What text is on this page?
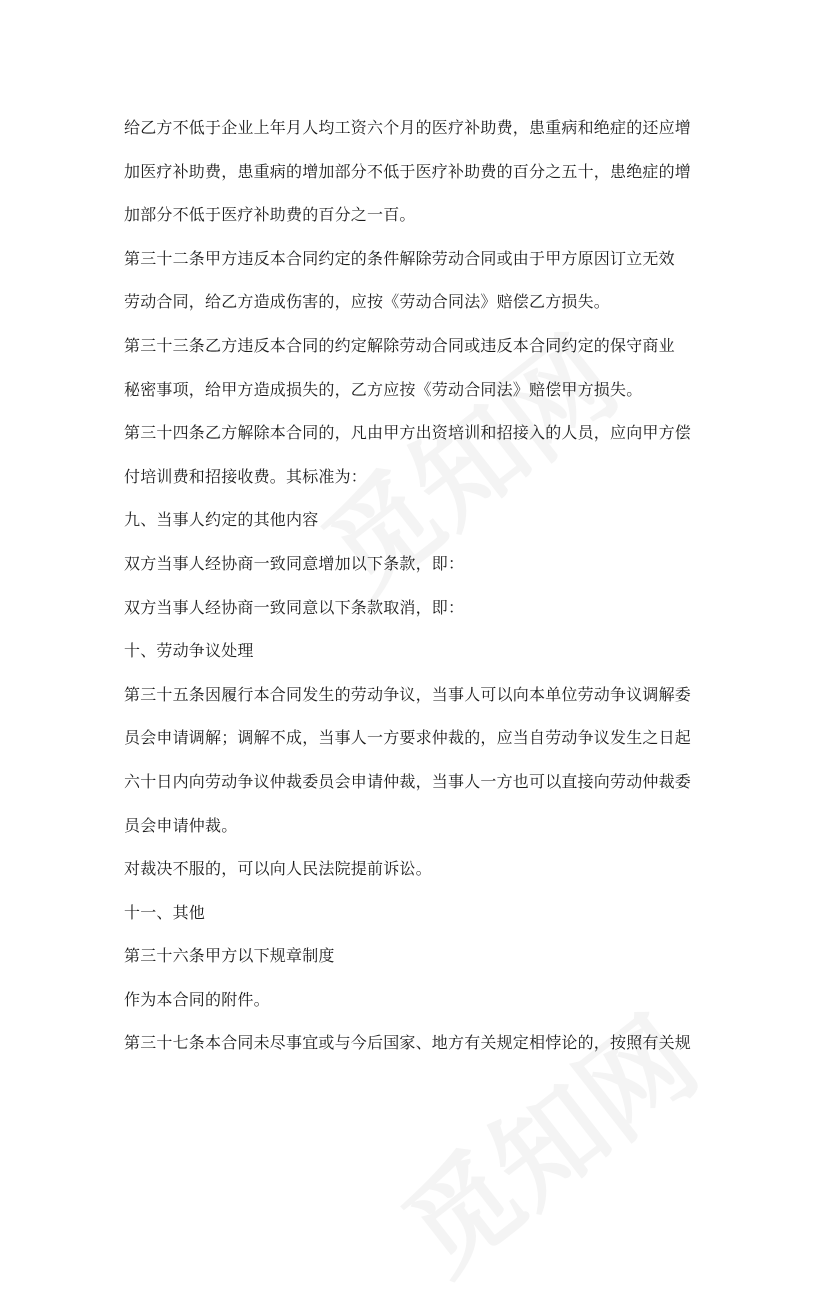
给乙方不低于企业上年月人均工资六个月的医疗补助费，患重病和绝症的还应增
加医疗补助费，患重病的增加部分不低于医疗补助费的百分之五十，患绝症的增
加部分不低于医疗补助费的百分之一百。
第三十二条甲方违反本合同约定的条件解除劳动合同或由于甲方原因订立无效
劳动合同，给乙方造成伤害的，应按《劳动合同法》赔偿乙方损失。
第三十三条乙方违反本合同的约定解除劳动合同或违反本合同约定的保守商业
秘密事项，给甲方造成损失的，乙方应按《劳动合同法》赔偿甲方损失。
第三十四条乙方解除本合同的，凡由甲方出资培训和招接入的人员，应向甲方偿
付培训费和招接收费。其标准为：
九、当事人约定的其他内容
双方当事人经协商一致同意增加以下条款，即：
双方当事人经协商一致同意以下条款取消，即：
十、劳动争议处理
第三十五条因履行本合同发生的劳动争议，当事人可以向本单位劳动争议调解委
员会申请调解；调解不成，当事人一方要求仲裁的，应当自劳动争议发生之日起
六十日内向劳动争议仲裁委员会申请仲裁，当事人一方也可以直接向劳动仲裁委
员会申请仲裁。
对裁决不服的，可以向人民法院提前诉讼。
十一、其他
第三十六条甲方以下规章制度
作为本合同的附件。
第三十七条本合同未尽事宜或与今后国家、地方有关规定相悖论的，按照有关规
